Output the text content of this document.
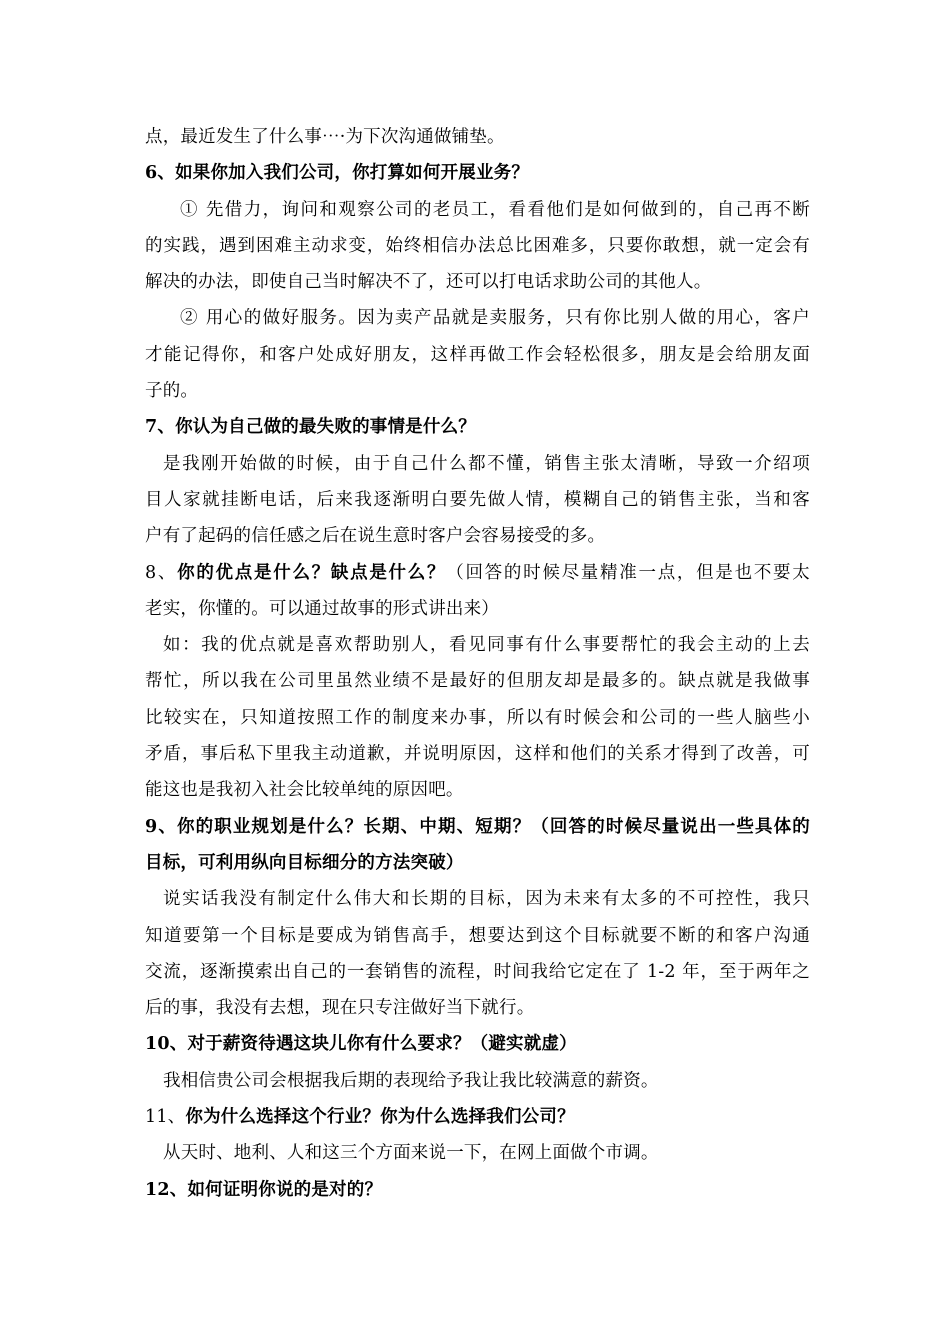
点，最近发生了什么事⋯·为下次沟通做铺垫。
6、如果你加入我们公司，你打算如何开展业务？
① 先借力，询问和观察公司的老员工，看看他们是如何做到的，自己再不断
的实践，遇到困难主动求变，始终相信办法总比困难多，只要你敢想，就一定会有
解决的办法，即使自己当时解决不了，还可以打电话求助公司的其他人。
② 用心的做好服务。因为卖产品就是卖服务，只有你比别人做的用心，客户
才能记得你，和客户处成好朋友，这样再做工作会轻松很多，朋友是会给朋友面
子的。
7、你认为自己做的最失败的事情是什么？
是我刚开始做的时候，由于自己什么都不懂，销售主张太清晰，导致一介绍项
目人家就挂断电话，后来我逐渐明白要先做人情，模糊自己的销售主张，当和客
户有了起码的信任感之后在说生意时客户会容易接受的多。
8、你的优点是什么？缺点是什么？（回答的时候尽量精准一点，但是也不要太
老实，你懂的。可以通过故事的形式讲出来）
如：我的优点就是喜欢帮助别人，看见同事有什么事要帮忙的我会主动的上去
帮忙，所以我在公司里虽然业绩不是最好的但朋友却是最多的。缺点就是我做事
比较实在，只知道按照工作的制度来办事，所以有时候会和公司的一些人脑些小
矛盾，事后私下里我主动道歉，并说明原因，这样和他们的关系才得到了改善，可
能这也是我初入社会比较单纯的原因吧。
9、你的职业规划是什么？长期、中期、短期？（回答的时候尽量说出一些具体的
目标，可利用纵向目标细分的方法突破）
说实话我没有制定什么伟大和长期的目标，因为未来有太多的不可控性，我只
知道要第一个目标是要成为销售高手，想要达到这个目标就要不断的和客户沟通
交流，逐渐摸索出自己的一套销售的流程，时间我给它定在了 1-2 年，至于两年之
后的事，我没有去想，现在只专注做好当下就行。
10、对于薪资待遇这块儿你有什么要求？（避实就虚）
我相信贵公司会根据我后期的表现给予我让我比较满意的薪资。
11、你为什么选择这个行业？你为什么选择我们公司？
从天时、地利、人和这三个方面来说一下，在网上面做个市调。
12、如何证明你说的是对的？
